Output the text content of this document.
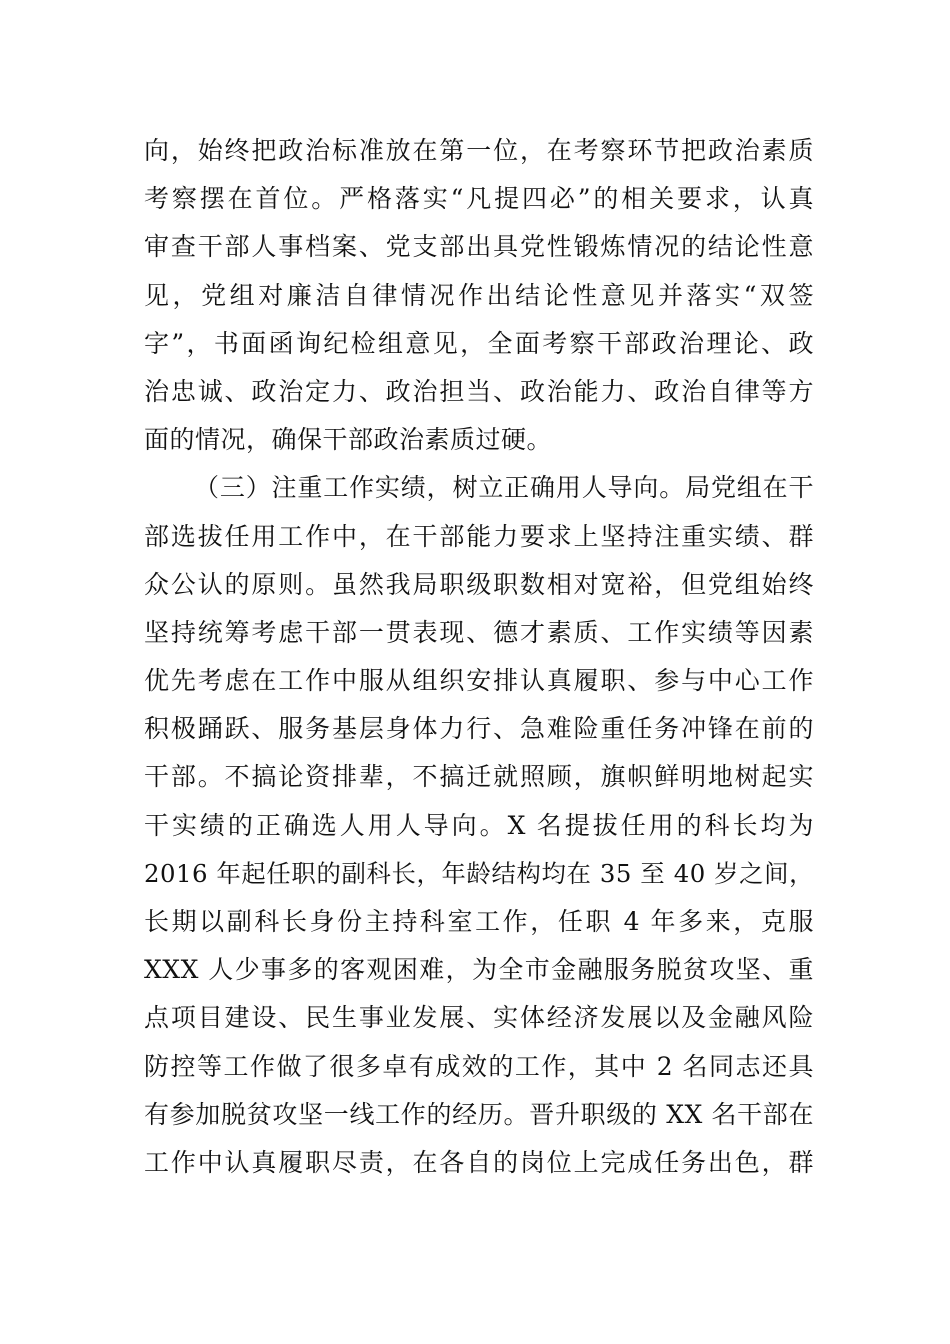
向，始终把政治标准放在第一位，在考察环节把政治素质
考察摆在首位。严格落实“凡提四必”的相关要求，认真
审查干部人事档案、党支部出具党性锻炼情况的结论性意
见，党组对廉洁自律情况作出结论性意见并落实“双签
字”，书面函询纪检组意见，全面考察干部政治理论、政
治忠诚、政治定力、政治担当、政治能力、政治自律等方
面的情况，确保干部政治素质过硬。
（三）注重工作实绩，树立正确用人导向。局党组在干
部选拔任用工作中，在干部能力要求上坚持注重实绩、群
众公认的原则。虽然我局职级职数相对宽裕，但党组始终
坚持统筹考虑干部一贯表现、德才素质、工作实绩等因素
优先考虑在工作中服从组织安排认真履职、参与中心工作
积极踊跃、服务基层身体力行、急难险重任务冲锋在前的
干部。不搞论资排辈，不搞迁就照顾，旗帜鲜明地树起实
干实绩的正确选人用人导向。X 名提拔任用的科长均为
2016 年起任职的副科长，年龄结构均在 35 至 40 岁之间，
长期以副科长身份主持科室工作，任职 4 年多来，克服
XXX 人少事多的客观困难，为全市金融服务脱贫攻坚、重
点项目建设、民生事业发展、实体经济发展以及金融风险
防控等工作做了很多卓有成效的工作，其中 2 名同志还具
有参加脱贫攻坚一线工作的经历。晋升职级的 XX 名干部在
工作中认真履职尽责，在各自的岗位上完成任务出色，群
